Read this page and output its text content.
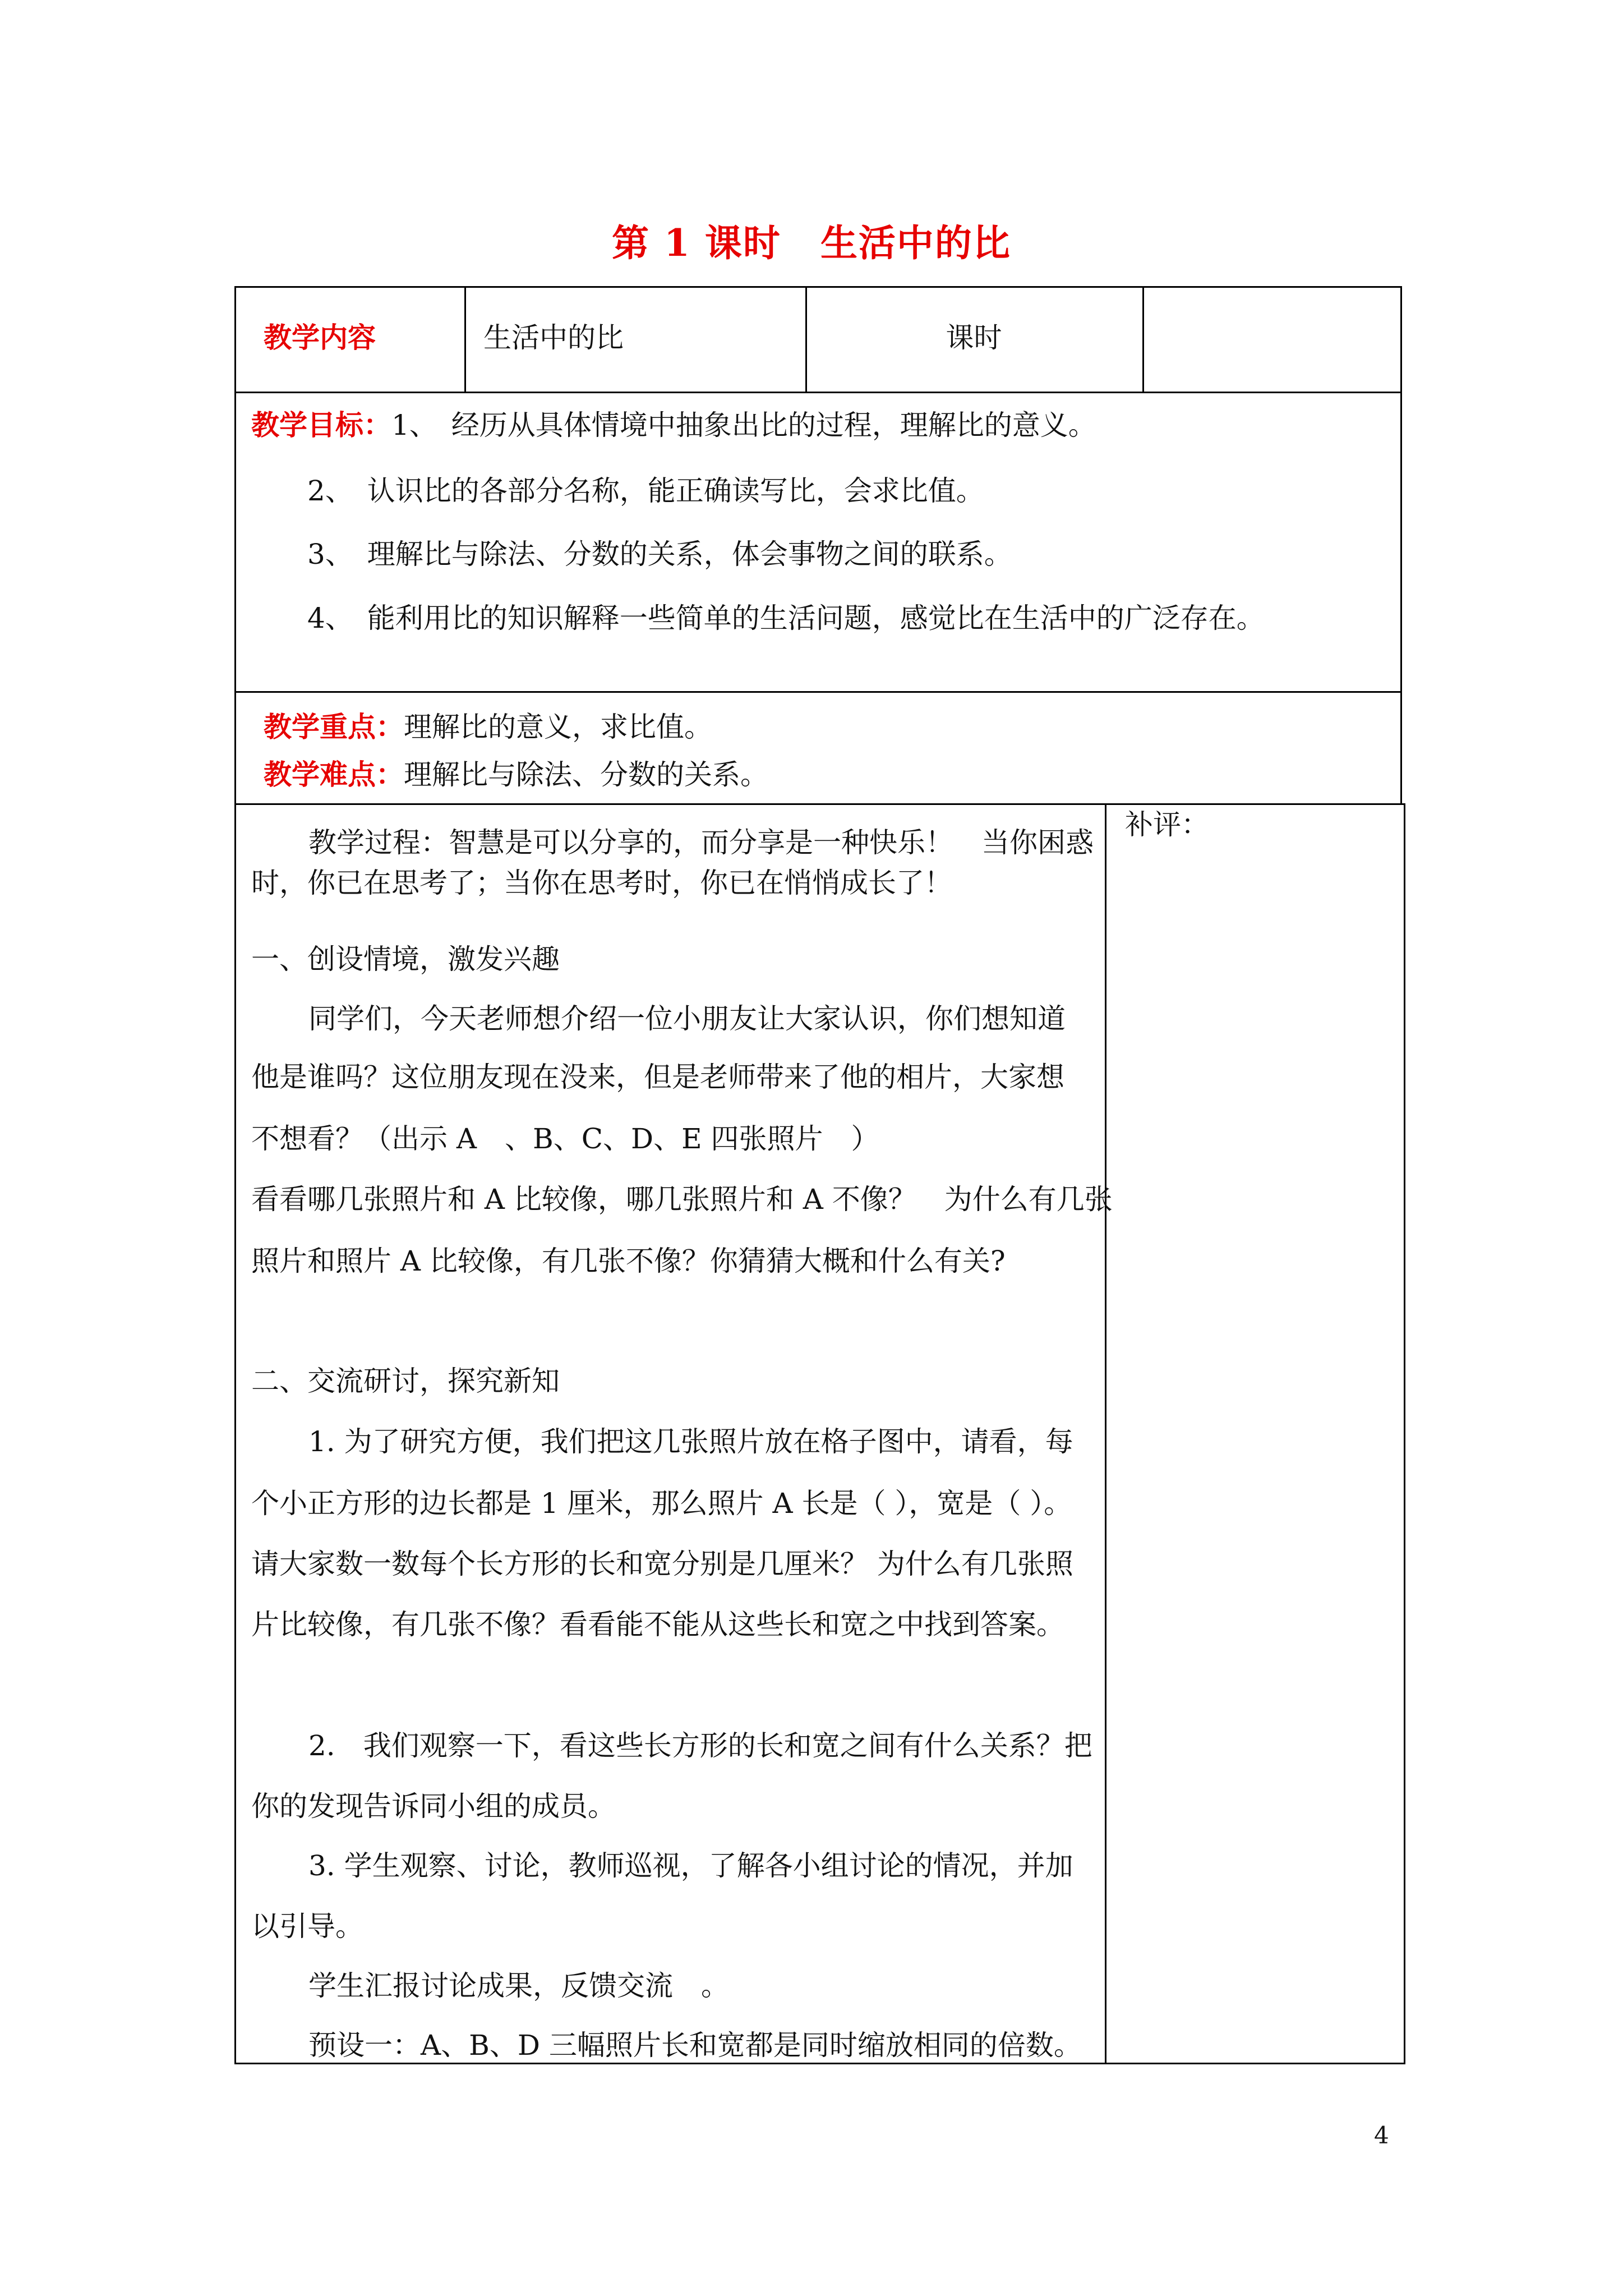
第 1 课时 生活中的比
教学内容	生活中的比	课时
教学目标：1、　经历从具体情境中抽象出比的过程，理解比的意义。
2、　认识比的各部分名称，能正确读写比，会求比值。
3、　理解比与除法、分数的关系，体会事物之间的联系。
4、　能利用比的知识解释一些简单的生活问题，感觉比在生活中的广泛存在。
教学重点：理解比的意义，求比值。
教学难点：理解比与除法、分数的关系。
教学过程：智慧是可以分享的，而分享是一种快乐！　当你困惑
时，你已在思考了；当你在思考时，你已在悄悄成长了！
一、创设情境，激发兴趣
同学们，今天老师想介绍一位小朋友让大家认识，你们想知道
他是谁吗？这位朋友现在没来，但是老师带来了他的相片，大家想
不想看？（出示 A　、B、C、D、E 四张照片　）
看看哪几张照片和 A 比较像，哪几张照片和 A 不像？　为什么有几张
照片和照片 A 比较像，有几张不像？你猜猜大概和什么有关?
二、交流研讨，探究新知
1. 为了研究方便，我们把这几张照片放在格子图中，请看，每
个小正方形的边长都是 1 厘米，那么照片 A 长是（ ），宽是（ ）。
请大家数一数每个长方形的长和宽分别是几厘米？ 为什么有几张照
片比较像，有几张不像？看看能不能从这些长和宽之中找到答案。
2.　我们观察一下，看这些长方形的长和宽之间有什么关系？把
你的发现告诉同小组的成员。
3. 学生观察、讨论，教师巡视，了解各小组讨论的情况，并加
以引导。
学生汇报讨论成果，反馈交流　。
预设一：A、B、D 三幅照片长和宽都是同时缩放相同的倍数。
补评：
4
